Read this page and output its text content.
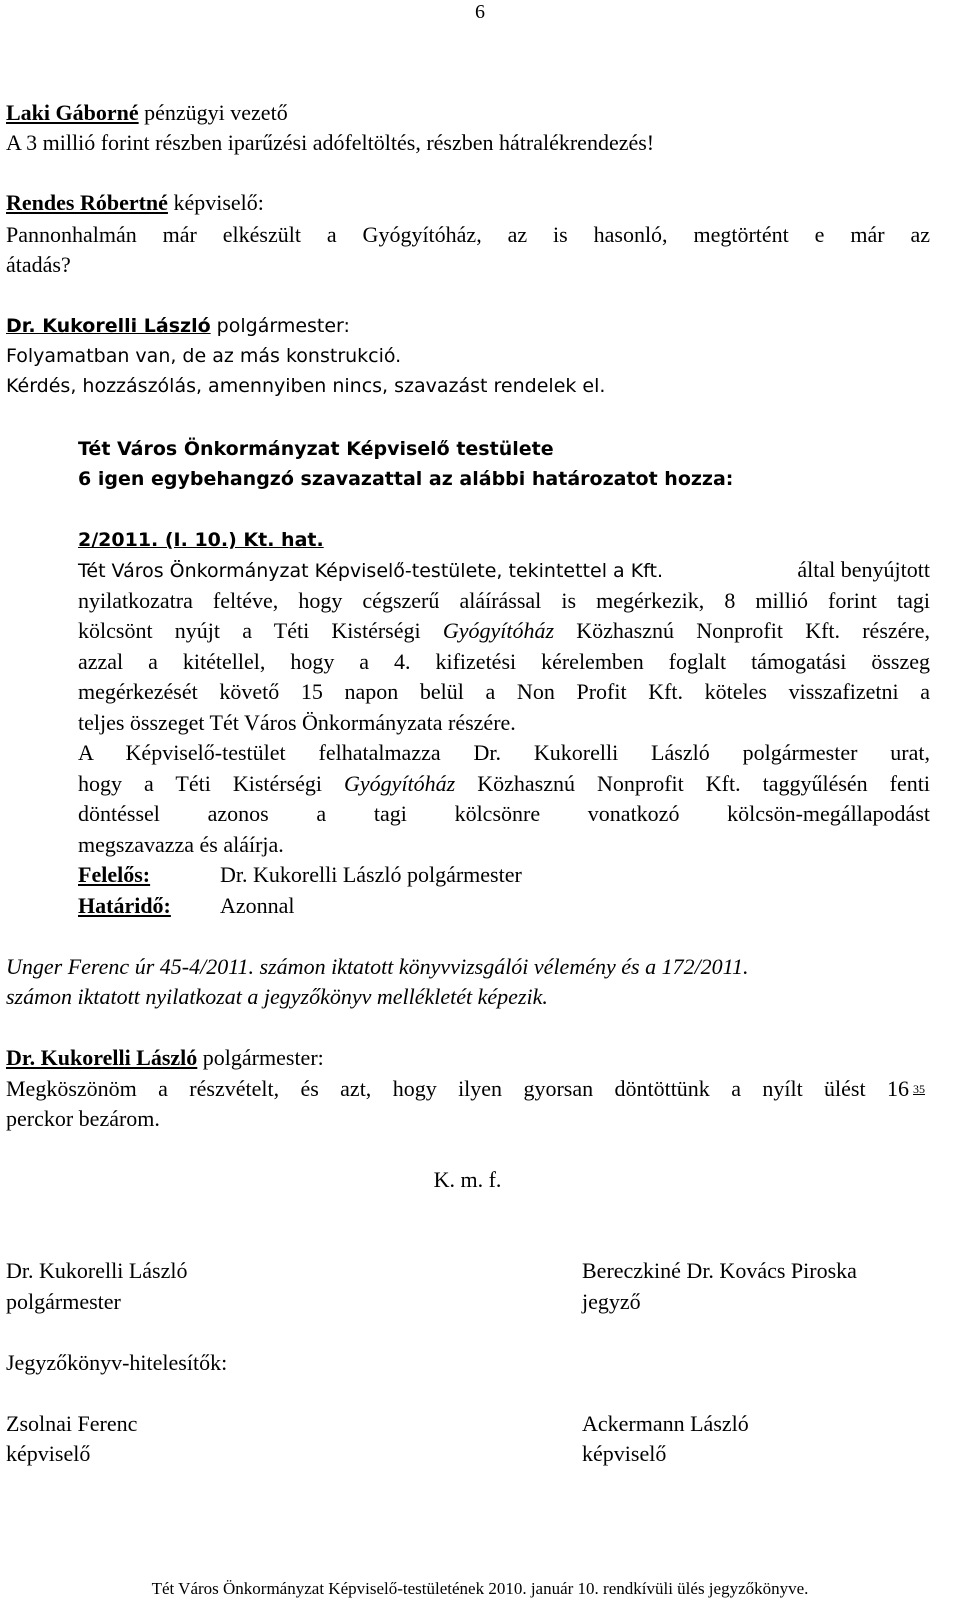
6
Laki Gáborné pénzügyi vezető
A 3 millió forint részben iparűzési adófeltöltés, részben hátralékrendezés!
Rendes Róbertné képviselő:
Pannonhalmán már elkészült a Gyógyítóház, az is hasonló, megtörtént e már az
átadás?
Dr. Kukorelli László polgármester:
Folyamatban van, de az más konstrukció.
Kérdés, hozzászólás, amennyiben nincs, szavazást rendelek el.
Tét Város Önkormányzat Képviselő testülete
6 igen egybehangzó szavazattal az alábbi határozatot hozza:
2/2011. (I. 10.) Kt. hat.
Tét Város Önkormányzat Képviselő-testülete, tekintettel a Kft.	által benyújtott
nyilatkozatra feltéve, hogy cégszerű aláírással is megérkezik, 8 millió forint tagi
kölcsönt nyújt a Téti Kistérségi Gyógyítóház Közhasznú Nonprofit Kft. részére,
azzal a kitétellel, hogy a 4. kifizetési kérelemben foglalt támogatási összeg
megérkezését követő 15 napon belül a Non Profit Kft. köteles visszafizetni a
teljes összeget Tét Város Önkormányzata részére.
A Képviselő-testület felhatalmazza Dr. Kukorelli László polgármester urat,
hogy a Téti Kistérségi Gyógyítóház Közhasznú Nonprofit Kft. taggyűlésén fenti
döntéssel azonos a tagi kölcsönre vonatkozó kölcsön-megállapodást
megszavazza és aláírja.
Felelős:	Dr. Kukorelli László polgármester
Határidő: Azonnal
Unger Ferenc úr 45-4/2011. számon iktatott könyvvizsgálói vélemény és a 172/2011.
számon iktatott nyilatkozat a jegyzőkönyv mellékletét képezik.
Dr. Kukorelli László polgármester:
Megköszönöm a részvételt, és azt, hogy ilyen gyorsan döntöttünk a nyílt ülést 16 $^{35}$
perckor bezárom.
K. m. f.
Dr. Kukorelli László
polgármester
Bereczkiné Dr. Kovács Piroska
jegyző
Jegyzőkönyv-hitelesítők:
Zsolnai Ferenc
képviselő
Ackermann László
képviselő
Tét Város Önkormányzat Képviselő-testületének 2010. január 10. rendkívüli ülés jegyzőkönyve.
